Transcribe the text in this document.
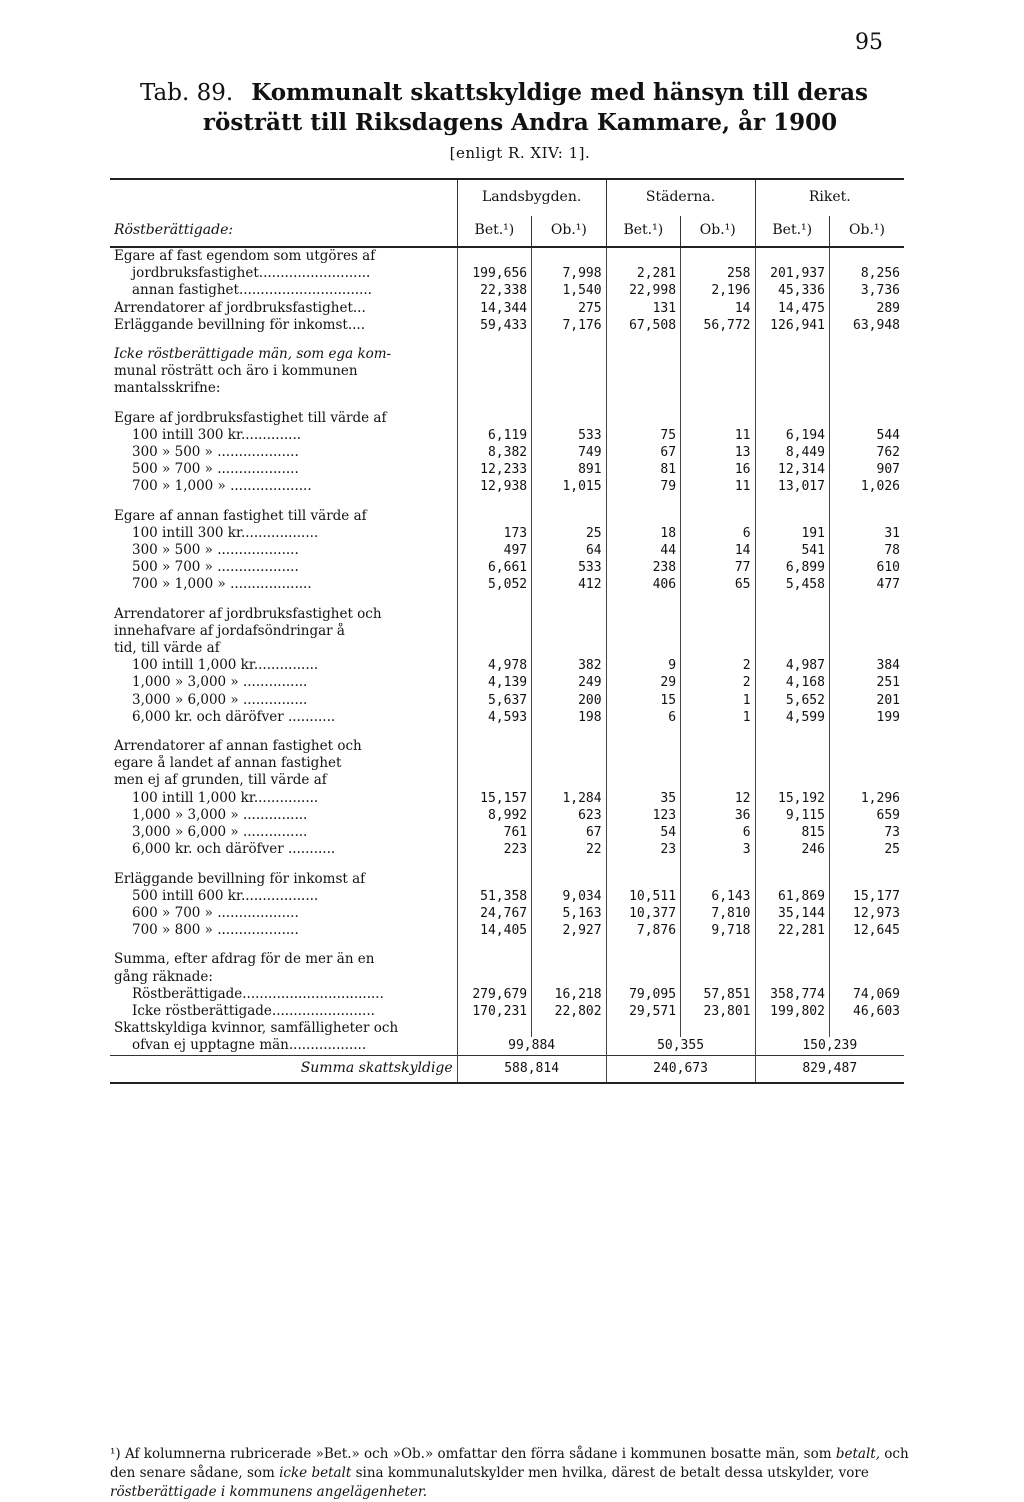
95
Tab. 89. Kommunalt skattskyldige med hänsyn till deras
rösträtt till Riksdagens Andra Kammare, år 1900
[enligt R. XIV: 1].
	Landsbygden.		Städerna.		Riket.	
Röstberättigade:	Bet.¹)	Ob.¹)	Bet.¹)	Ob.¹)	Bet.¹)	Ob.¹)
Egare af fast egendom som utgöres af						
jordbruksfastighet..........................	199,656	7,998	2,281	258	201,937	8,256
annan fastighet...............................	22,338	1,540	22,998	2,196	45,336	3,736
Arrendatorer af jordbruksfastighet...	14,344	275	131	14	14,475	289
Erläggande bevillning för inkomst....	59,433	7,176	67,508	56,772	126,941	63,948

Icke röstberättigade män, som ega kom-						
munal rösträtt och äro i kommunen						
mantalsskrifne:						

Egare af jordbruksfastighet till värde af						
100 intill 300 kr..............	6,119	533	75	11	6,194	544
300 » 500 » ...................	8,382	749	67	13	8,449	762
500 » 700 » ...................	12,233	891	81	16	12,314	907
700 » 1,000 » ...................	12,938	1,015	79	11	13,017	1,026

Egare af annan fastighet till värde af						
100 intill 300 kr..................	173	25	18	6	191	31
300 » 500 » ...................	497	64	44	14	541	78
500 » 700 » ...................	6,661	533	238	77	6,899	610
700 » 1,000 » ...................	5,052	412	406	65	5,458	477

Arrendatorer af jordbruksfastighet och						
innehafvare af jordafsöndringar å						
tid, till värde af						
100 intill 1,000 kr...............	4,978	382	9	2	4,987	384
1,000 » 3,000 » ...............	4,139	249	29	2	4,168	251
3,000 » 6,000 » ...............	5,637	200	15	1	5,652	201
6,000 kr. och däröfver ...........	4,593	198	6	1	4,599	199

Arrendatorer af annan fastighet och						
egare å landet af annan fastighet						
men ej af grunden, till värde af						
100 intill 1,000 kr...............	15,157	1,284	35	12	15,192	1,296
1,000 » 3,000 » ...............	8,992	623	123	36	9,115	659
3,000 » 6,000 » ...............	761	67	54	6	815	73
6,000 kr. och däröfver ...........	223	22	23	3	246	25

Erläggande bevillning för inkomst af						
500 intill 600 kr..................	51,358	9,034	10,511	6,143	61,869	15,177
600 » 700 » ...................	24,767	5,163	10,377	7,810	35,144	12,973
700 » 800 » ...................	14,405	2,927	7,876	9,718	22,281	12,645

Summa, efter afdrag för de mer än en						
gång räknade:						
Röstberättigade.................................	279,679	16,218	79,095	57,851	358,774	74,069
Icke röstberättigade........................	170,231	22,802	29,571	23,801	199,802	46,603
Skattskyldiga kvinnor, samfälligheter och						
ofvan ej upptagne män..................	99,884		50,355		150,239	
Summa skattskyldige	588,814		240,673		829,487	
¹) Af kolumnerna rubricerade »Bet.» och »Ob.» omfattar den förra sådane i kommunen bosatte män, som betalt, och den senare sådane, som icke betalt sina kommunalutskylder men hvilka, därest de betalt dessa utskylder, vore röstberättigade i kommunens angelägenheter.
